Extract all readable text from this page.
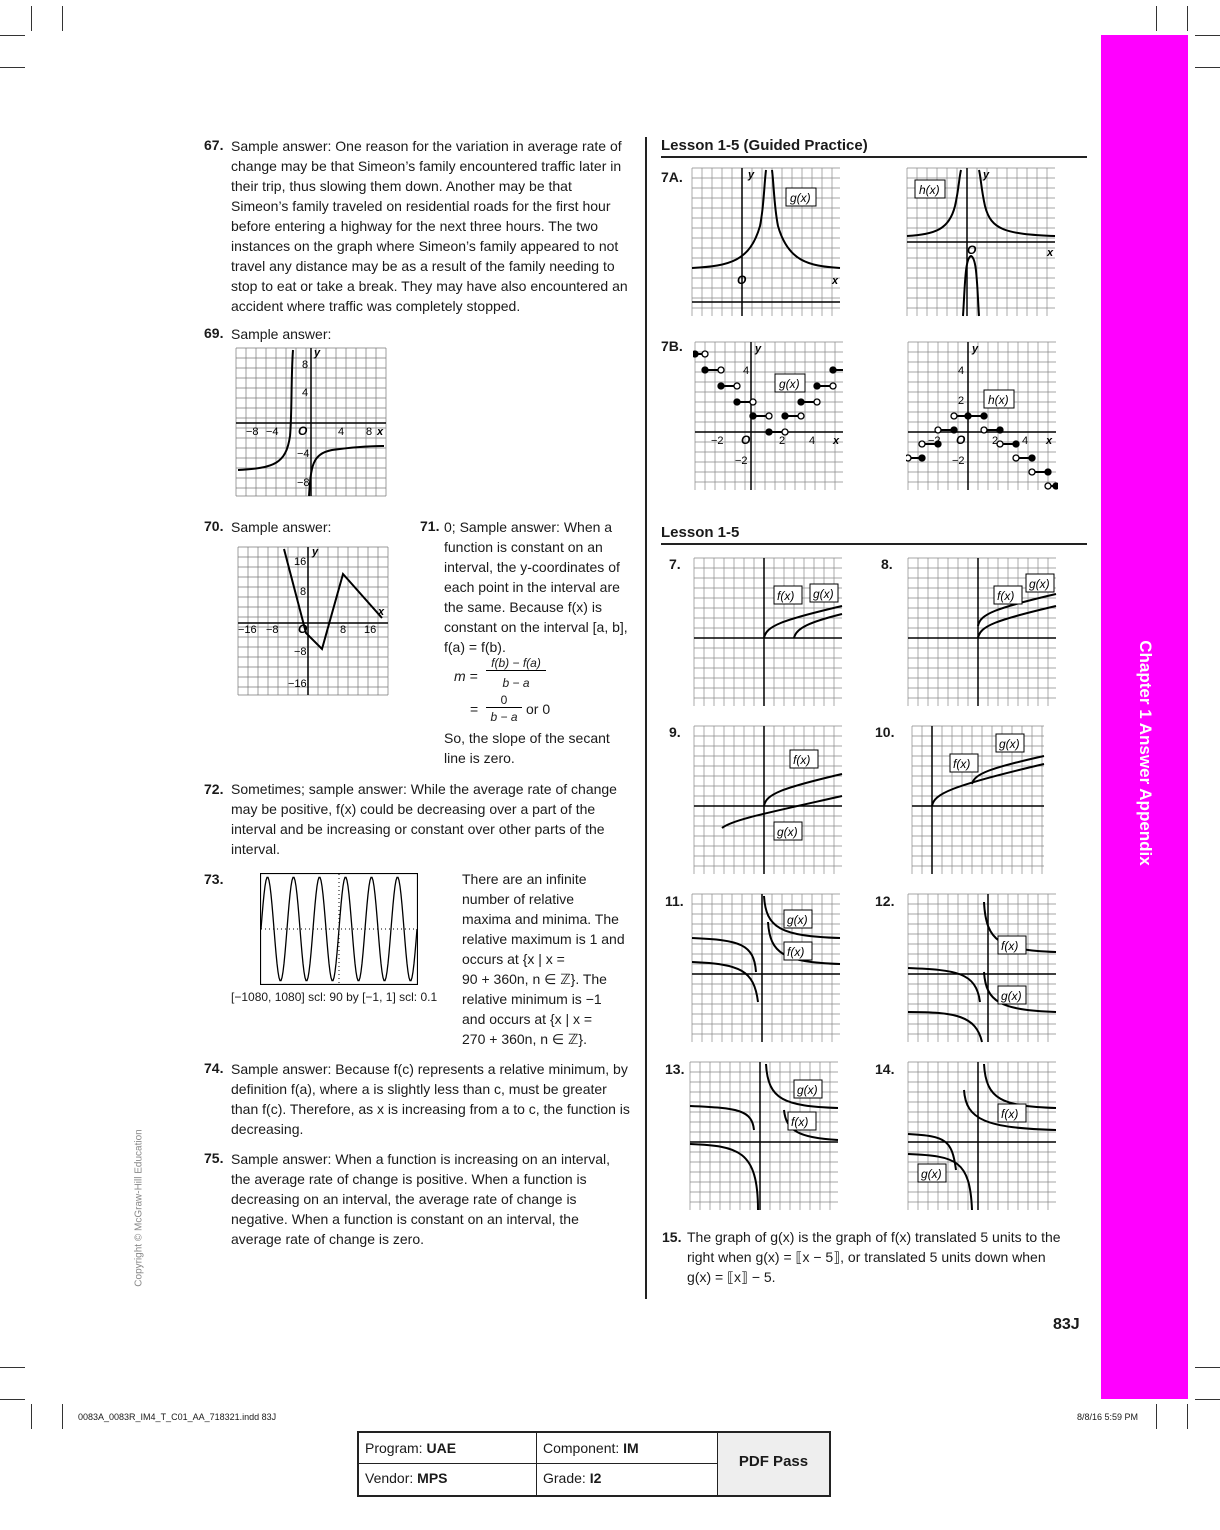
Chapter 1 Answer Appendix
Copyright © McGraw-Hill Education
67. Sample answer: One reason for the variation in average rate of
change may be that Simeon’s family encountered traffic later in
their trip, thus slowing them down. Another may be that
Simeon’s family traveled on residential roads for the first hour
before entering a highway for the next three hours. The two
instances on the graph where Simeon’s family appeared to not
travel any distance may be as a result of the family needing to
stop to eat or take a break. They may have also encountered an
accident where traffic was completely stopped.
69. Sample answer:
y
x
O
−8 −4	4 8
8
4
−4
−8
70. Sample answer:
y
x
O
−16 −8	8 16
16
8
−8
−16
71. 0; Sample answer: When a
function is constant on an
interval, the y-coordinates of
each point in the interval are
the same. Because f(x) is
constant on the interval [a, b],
f(a) = f(b).
m =
f(b) − f(a)
b − a
=
0
b − a or 0
So, the slope of the secant
line is zero.
72. Sometimes; sample answer: While the average rate of change
may be positive, f(x) could be decreasing over a part of the
interval and be increasing or constant over other parts of the
interval.
73.
[−1080, 1080] scl: 90 by [−1, 1] scl: 0.1
There are an infinite
number of relative
maxima and minima. The
relative maximum is 1 and
occurs at {x | x =
90 + 360n, n ∈ ℤ}. The
relative minimum is −1
and occurs at {x | x =
270 + 360n, n ∈ ℤ}.
74. Sample answer: Because f(c) represents a relative minimum, by
definition f(a), where a is slightly less than c, must be greater
than f(c). Therefore, as x is increasing from a to c, the function is
decreasing.
75. Sample answer: When a function is increasing on an interval,
the average rate of change is positive. When a function is
decreasing on an interval, the average rate of change is
negative. When a function is constant on an interval, the
average rate of change is zero.
Lesson 1-5 (Guided Practice)
Lesson 1-5
7A.
7B.
7.	8.
9.	10.
11.	12.
13.	14.
g(x)
y
x
O
h(x)
y
x
O
g(x)
y
x
O
−2	2 4
4
−2
h(x)
y
x
O
−2	2 4
4
2
−2
f(x) g(x)	f(x)
g(x)
f(x)
g(x)
f(x)
g(x)
g(x)
f(x)	f(x)
g(x)
g(x)
f(x)
f(x)
g(x)
15. The graph of g(x) is the graph of f(x) translated 5 units to the
right when g(x) = ⟦x − 5⟧, or translated 5 units down when
g(x) = ⟦x⟧ − 5.
83J
0083A_0083R_IM4_T_C01_AA_718321.indd 83J	8/8/16 5:59 PM
Program: UAE	Component: IM
Vendor: MPS	Grade: I2
PDF Pass
